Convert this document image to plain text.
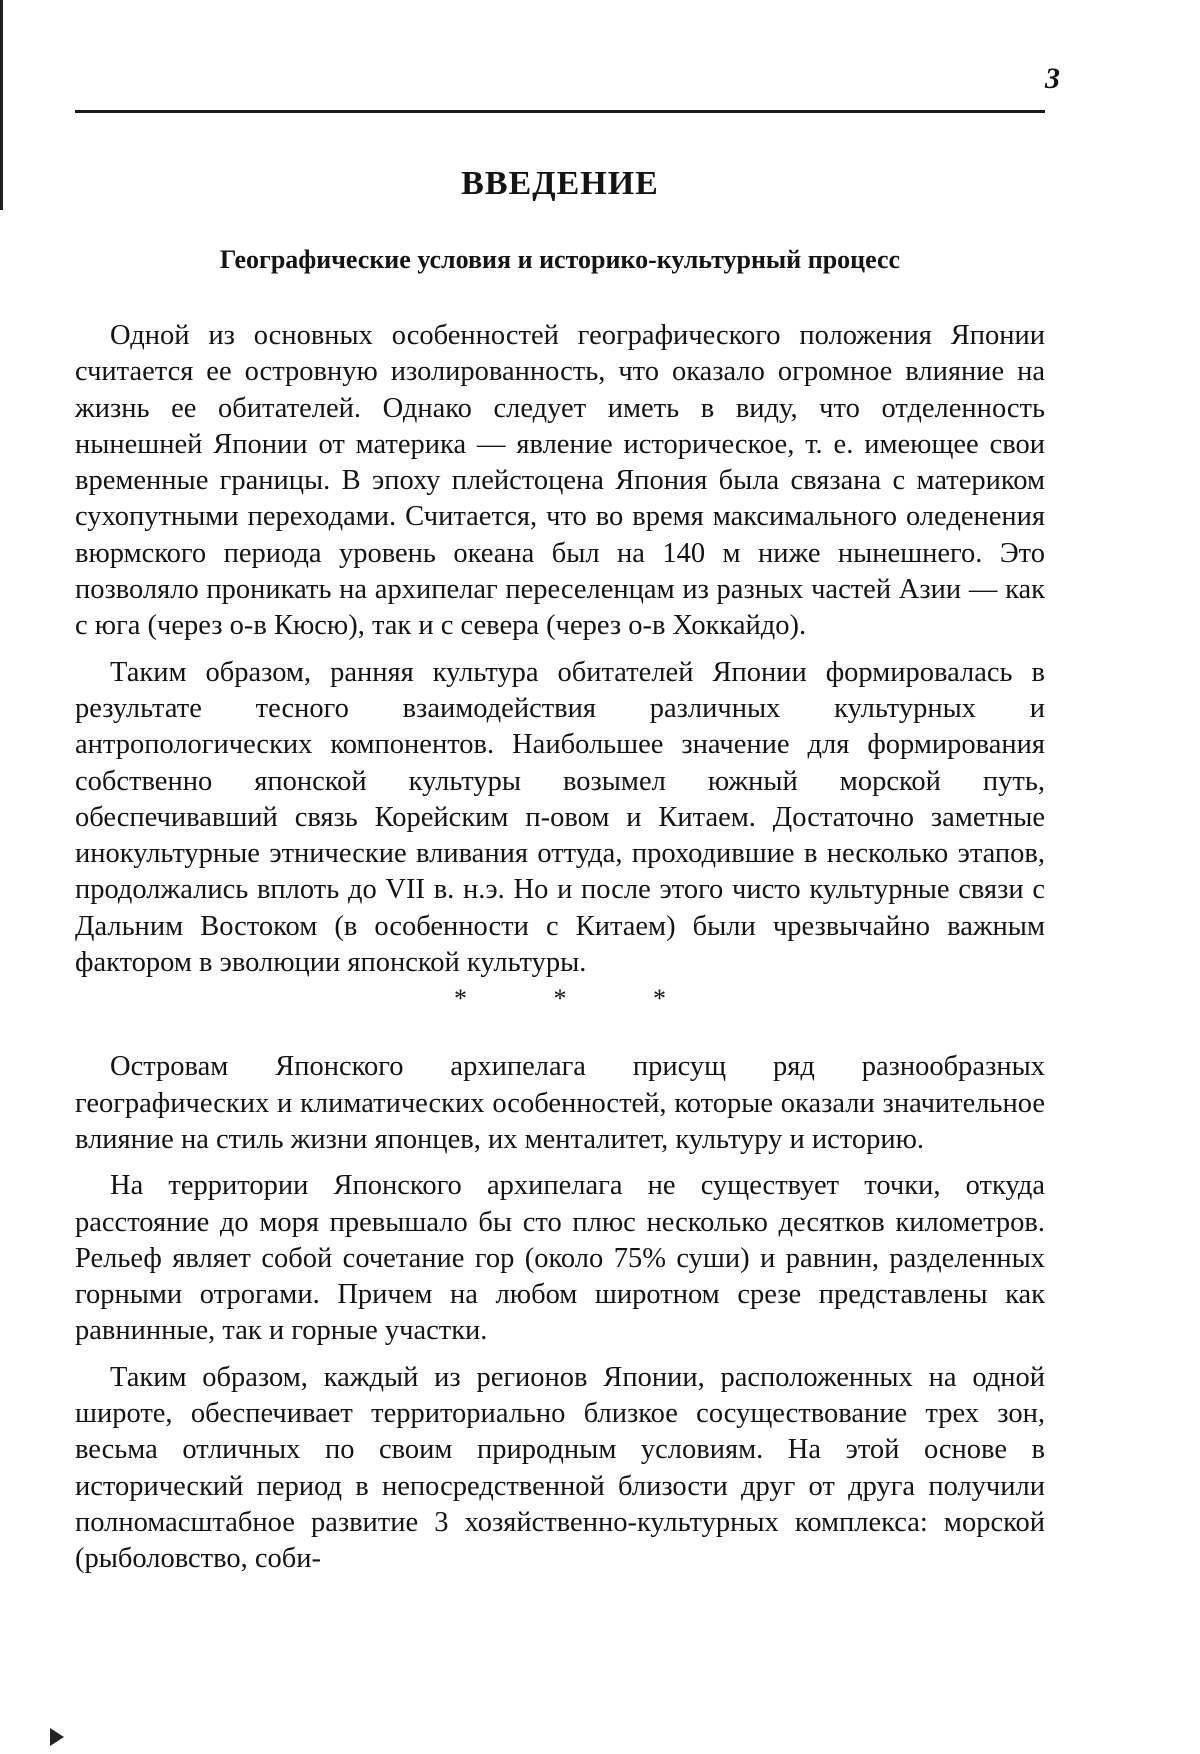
3
ВВЕДЕНИЕ
Географические условия и историко-культурный процесс

Одной из основных особенностей географического положения Японии считается ее островную изолированность, что оказало огромное влияние на жизнь ее обитателей. Однако следует иметь в виду, что отделенность нынешней Японии от материка — явление историческое, т. е. имеющее свои временные границы. В эпоху плейстоцена Япония была связана с материком сухопутными переходами. Считается, что во время максимального оледенения вюрмского периода уровень океана был на 140 м ниже нынешнего. Это позволяло проникать на архипелаг переселенцам из разных частей Азии — как с юга (через о-в Кюсю), так и с севера (через о-в Хоккайдо).

Таким образом, ранняя культура обитателей Японии формировалась в результате тесного взаимодействия различных культурных и антропологических компонентов. Наибольшее значение для формирования собственно японской культуры возымел южный морской путь, обеспечивавший связь Корейским п-овом и Китаем. Достаточно заметные инокультурные этнические вливания оттуда, проходившие в несколько этапов, продолжались вплоть до VII в. н.э. Но и после этого чисто культурные связи с Дальним Востоком (в особенности с Китаем) были чрезвычайно важным фактором в эволюции японской культуры.

* * *

Островам Японского архипелага присущ ряд разнообразных географических и климатических особенностей, которые оказали значительное влияние на стиль жизни японцев, их менталитет, культуру и историю.

На территории Японского архипелага не существует точки, откуда расстояние до моря превышало бы сто плюс несколько десятков километров. Рельеф являет собой сочетание гор (около 75% суши) и равнин, разделенных горными отрогами. Причем на любом широтном срезе представлены как равнинные, так и горные участки.

Таким образом, каждый из регионов Японии, расположенных на одной широте, обеспечивает территориально близкое сосуществование трех зон, весьма отличных по своим природным условиям. На этой основе в исторический период в непосредственной близости друг от друга получили полномасштабное развитие 3 хозяйственно-культурных комплекса: морской (рыболовство, соби-
